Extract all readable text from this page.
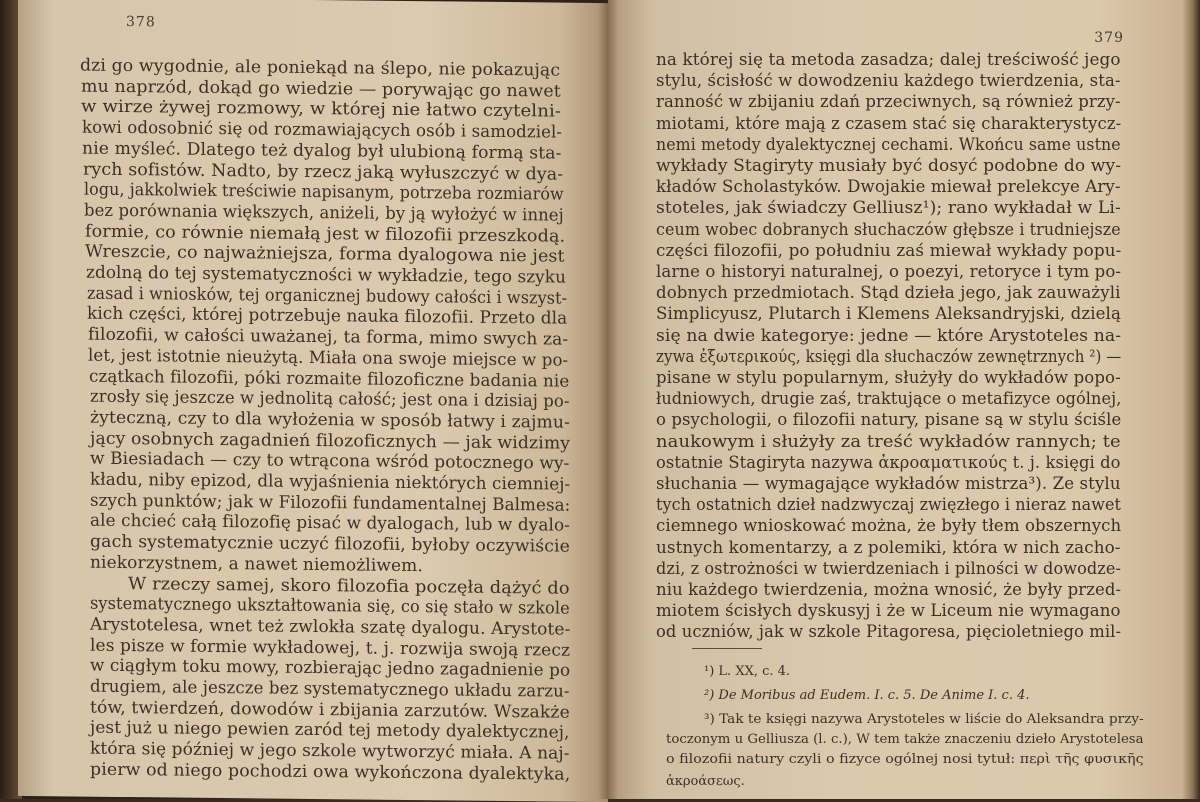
378
dzi go wygodnie, ale poniekąd na ślepo, nie pokazując
mu naprzód, dokąd go wiedzie — porywając go nawet
w wirze żywej rozmowy, w której nie łatwo czytelni-
kowi odosobnić się od rozmawiających osób i samodziel-
nie myśleć. Dlatego też dyalog był ulubioną formą sta-
rych sofistów. Nadto, by rzecz jaką wyłuszczyć w dya-
logu, jakkolwiek treściwie napisanym, potrzeba rozmiarów
bez porównania większych, aniżeli, by ją wyłożyć w innej
formie, co równie niemałą jest w filozofii przeszkodą.
Wreszcie, co najważniejsza, forma dyalogowa nie jest
zdolną do tej systematyczności w wykładzie, tego szyku
zasad i wniosków, tej organicznej budowy całości i wszyst-
kich części, której potrzebuje nauka filozofii. Przeto dla
filozofii, w całości uważanej, ta forma, mimo swych za-
let, jest istotnie nieużytą. Miała ona swoje miejsce w po-
czątkach filozofii, póki rozmaite filozoficzne badania nie
zrosły się jeszcze w jednolitą całość; jest ona i dzisiaj po-
żyteczną, czy to dla wyłożenia w sposób łatwy i zajmu-
jący osobnych zagadnień filozoficznych — jak widzimy
w Biesiadach — czy to wtrącona wśród potocznego wy-
kładu, niby epizod, dla wyjaśnienia niektórych ciemniej-
szych punktów; jak w Filozofii fundamentalnej Balmesa:
ale chcieć całą filozofię pisać w dyalogach, lub w dyalo-
gach systematycznie uczyć filozofii, byłoby oczywiście
niekorzystnem, a nawet niemożliwem.
W rzeczy samej, skoro filozofia poczęła dążyć do
systematycznego ukształtowania się, co się stało w szkole
Arystotelesa, wnet też zwlokła szatę dyalogu. Arystote-
les pisze w formie wykładowej, t. j. rozwija swoją rzecz
w ciągłym toku mowy, rozbierając jedno zagadnienie po
drugiem, ale jeszcze bez systematycznego układu zarzu-
tów, twierdzeń, dowodów i zbijania zarzutów. Wszakże
jest już u niego pewien zaród tej metody dyalektycznej,
która się później w jego szkole wytworzyć miała. A naj-
pierw od niego pochodzi owa wykończona dyalektyka,
379
na której się ta metoda zasadza; dalej treściwość jego
stylu, ścisłość w dowodzeniu każdego twierdzenia, sta-
ranność w zbijaniu zdań przeciwnych, są również przy-
miotami, które mają z czasem stać się charakterystycz-
nemi metody dyalektycznej cechami. Wkońcu same ustne
wykłady Stagiryty musiały być dosyć podobne do wy-
kładów Scholastyków. Dwojakie miewał prelekcye Ary-
stoteles, jak świadczy Gelliusz¹); rano wykładał w Li-
ceum wobec dobranych słuchaczów głębsze i trudniejsze
części filozofii, po południu zaś miewał wykłady popu-
larne o historyi naturalnej, o poezyi, retoryce i tym po-
dobnych przedmiotach. Stąd dzieła jego, jak zauważyli
Simplicyusz, Plutarch i Klemens Aleksandryjski, dzielą
się na dwie kategorye: jedne — które Arystoteles na-
zywa ἐξωτερικούς, księgi dla słuchaczów zewnętrznych ²) —
pisane w stylu popularnym, służyły do wykładów popo-
łudniowych, drugie zaś, traktujące o metafizyce ogólnej,
o psychologii, o filozofii natury, pisane są w stylu ściśle
naukowym i służyły za treść wykładów rannych; te
ostatnie Stagiryta nazywa ἀκροαματικούς t. j. księgi do
słuchania — wymagające wykładów mistrza³). Ze stylu
tych ostatnich dzieł nadzwyczaj zwięzłego i nieraz nawet
ciemnego wnioskować można, że były tłem obszernych
ustnych komentarzy, a z polemiki, która w nich zacho-
dzi, z ostrożności w twierdzeniach i pilności w dowodze-
niu każdego twierdzenia, można wnosić, że były przed-
miotem ścisłych dyskusyj i że w Liceum nie wymagano
od uczniów, jak w szkole Pitagoresa, pięcioletniego mil-
¹) L. XX, c. 4.
²) De Moribus ad Eudem. I. c. 5. De Anime I. c. 4.
³) Tak te księgi nazywa Arystoteles w liście do Aleksandra przy-
toczonym u Gelliusza (l. c.), W tem także znaczeniu dzieło Arystotelesa
o filozofii natury czyli o fizyce ogólnej nosi tytuł: περὶ τῆς φυσικῆς
ἀκροάσεως.
